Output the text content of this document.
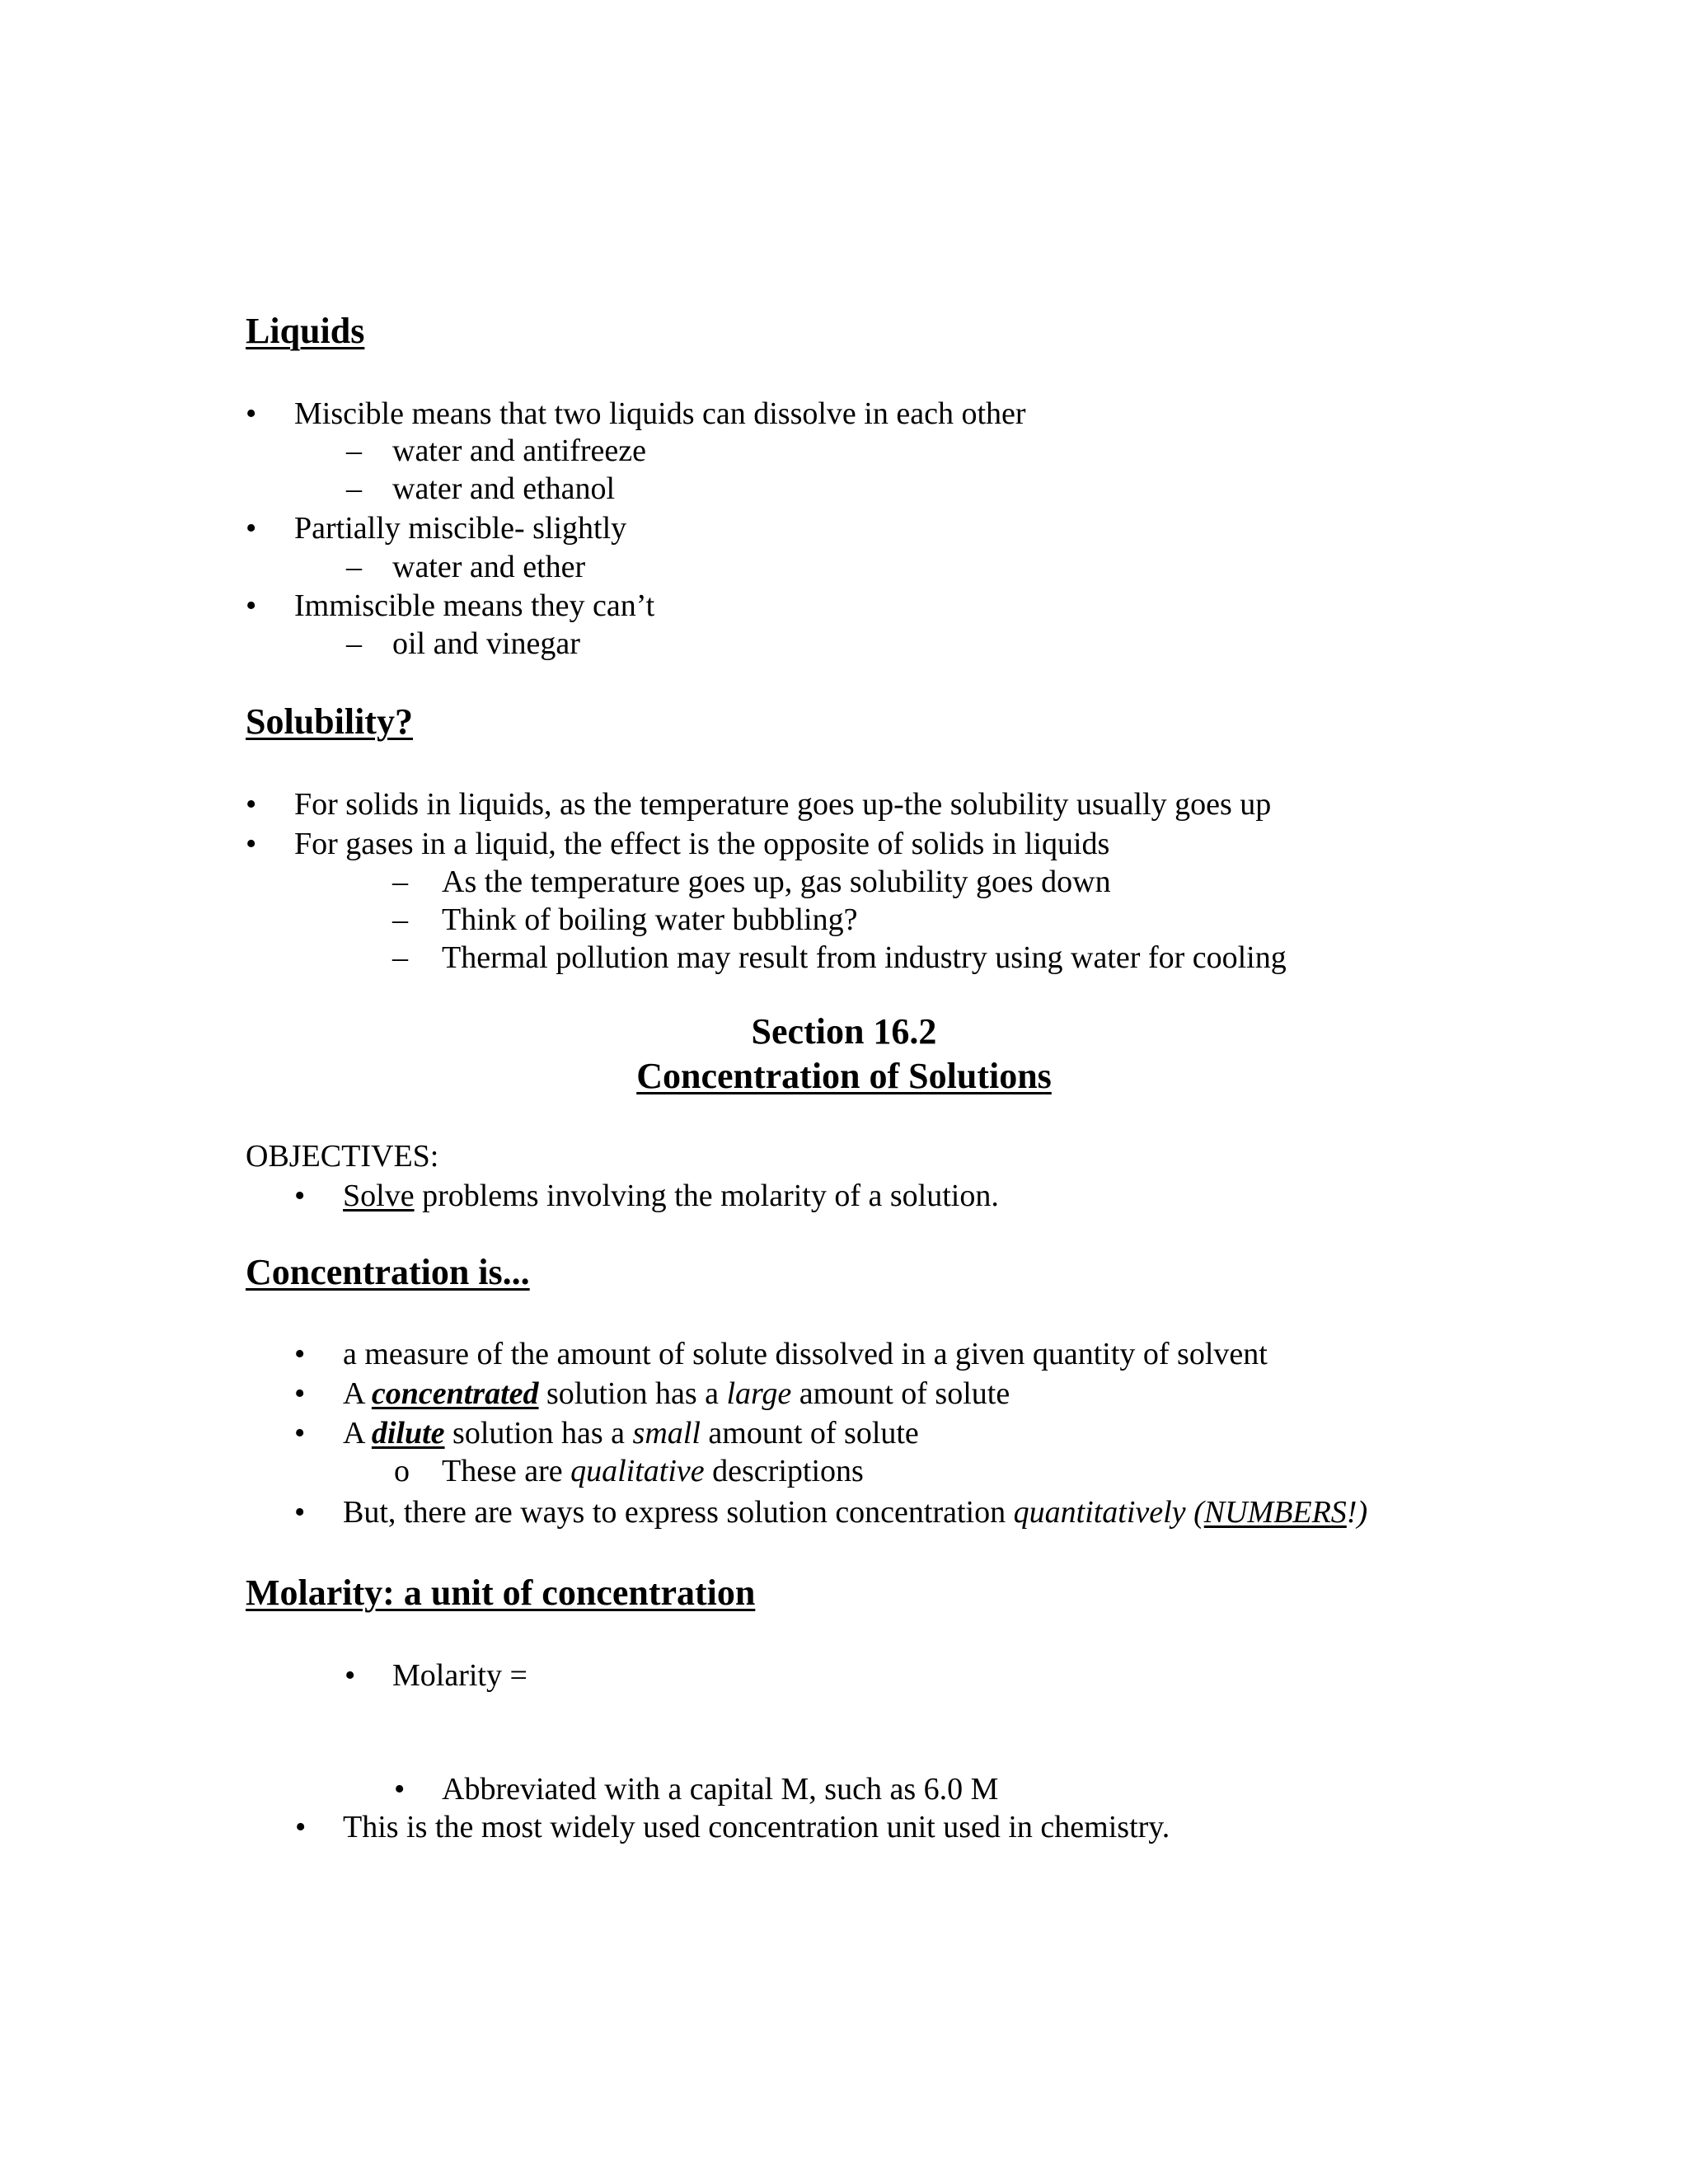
Liquids
• Miscible means that two liquids can dissolve in each other
– water and antifreeze
– water and ethanol
• Partially miscible- slightly
– water and ether
• Immiscible means they can’t
– oil and vinegar
Solubility?
• For solids in liquids, as the temperature goes up-the solubility usually goes up
• For gases in a liquid, the effect is the opposite of solids in liquids
– As the temperature goes up, gas solubility goes down
– Think of boiling water bubbling?
– Thermal pollution may result from industry using water for cooling
Section 16.2
Concentration of Solutions
OBJECTIVES:
• Solve problems involving the molarity of a solution.
Concentration is...
• a measure of the amount of solute dissolved in a given quantity of solvent
• A concentrated solution has a large amount of solute
• A dilute solution has a small amount of solute
o These are qualitative descriptions
• But, there are ways to express solution concentration quantitatively (NUMBERS!)
Molarity: a unit of concentration
• Molarity =
• Abbreviated with a capital M, such as 6.0 M
• This is the most widely used concentration unit used in chemistry.
